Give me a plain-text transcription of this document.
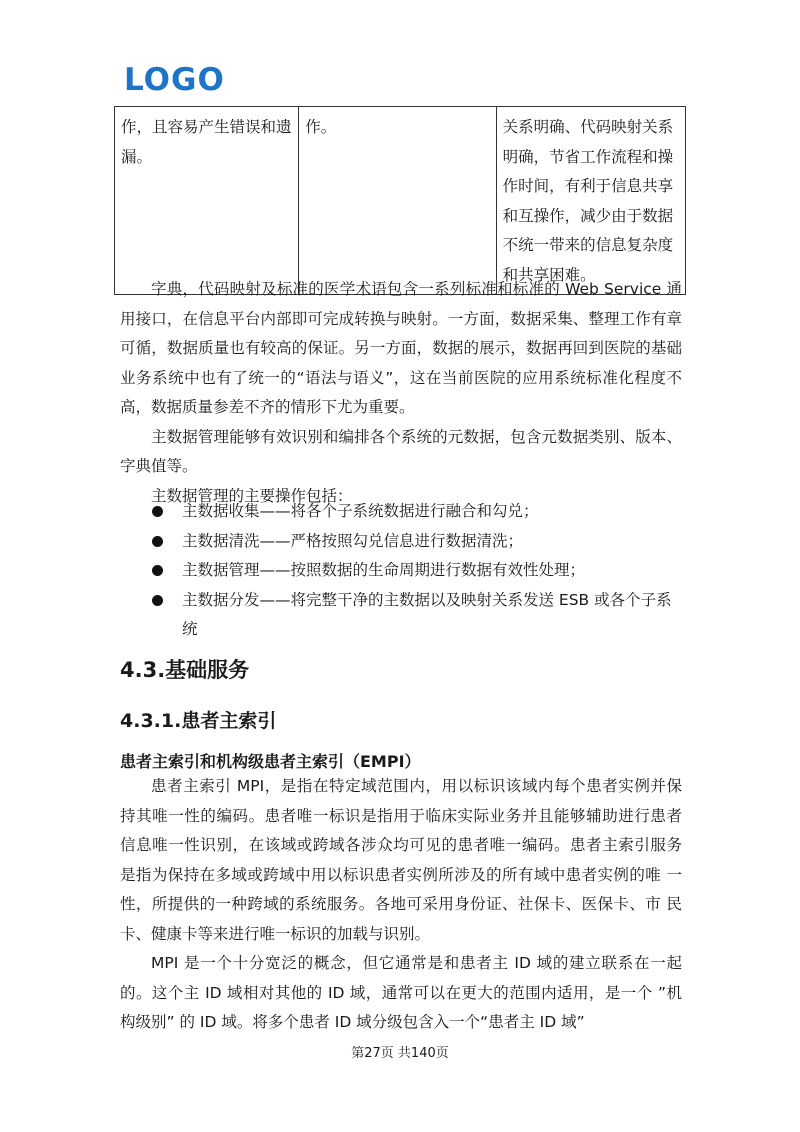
LOGO
作，且容易产生错误和遗漏。	作。	关系明确、代码映射关系明确，节省工作流程和操作时间，有利于信息共享和互操作，减少由于数据不统一带来的信息复杂度和共享困难。

字典，代码映射及标准的医学术语包含一系列标准和标准的 Web Service 通用接口，在信息平台内部即可完成转换与映射。一方面，数据采集、整理工作有章可循，数据质量也有较高的保证。另一方面，数据的展示，数据再回到医院的基础业务系统中也有了统一的“语法与语义”，这在当前医院的应用系统标准化程度不高，数据质量参差不齐的情形下尤为重要。

主数据管理能够有效识别和编排各个系统的元数据，包含元数据类别、版本、字典值等。

主数据管理的主要操作包括：

主数据收集——将各个子系统数据进行融合和勾兑；
主数据清洗——严格按照勾兑信息进行数据清洗；
主数据管理——按照数据的生命周期进行数据有效性处理；
主数据分发——将完整干净的主数据以及映射关系发送 ESB 或各个子系统
4.3.基础服务
4.3.1.患者主索引
患者主索引和机构级患者主索引（EMPI）

患者主索引 MPI，是指在特定域范围内，用以标识该域内每个患者实例并保 持其唯一性的编码。患者唯一标识是指用于临床实际业务并且能够辅助进行患者 信息唯一性识别，在该域或跨域各涉众均可见的患者唯一编码。患者主索引服务 是指为保持在多域或跨域中用以标识患者实例所涉及的所有域中患者实例的唯 一性，所提供的一种跨域的系统服务。各地可采用身份证、社保卡、医保卡、市 民卡、健康卡等来进行唯一标识的加载与识别。

MPI 是一个十分宽泛的概念，但它通常是和患者主 ID 域的建立联系在一起 的。这个主 ID 域相对其他的 ID 域，通常可以在更大的范围内适用，是一个 ”机 构级别” 的 ID 域。将多个患者 ID 域分级包含入一个“患者主 ID 域”

第27页 共140页
